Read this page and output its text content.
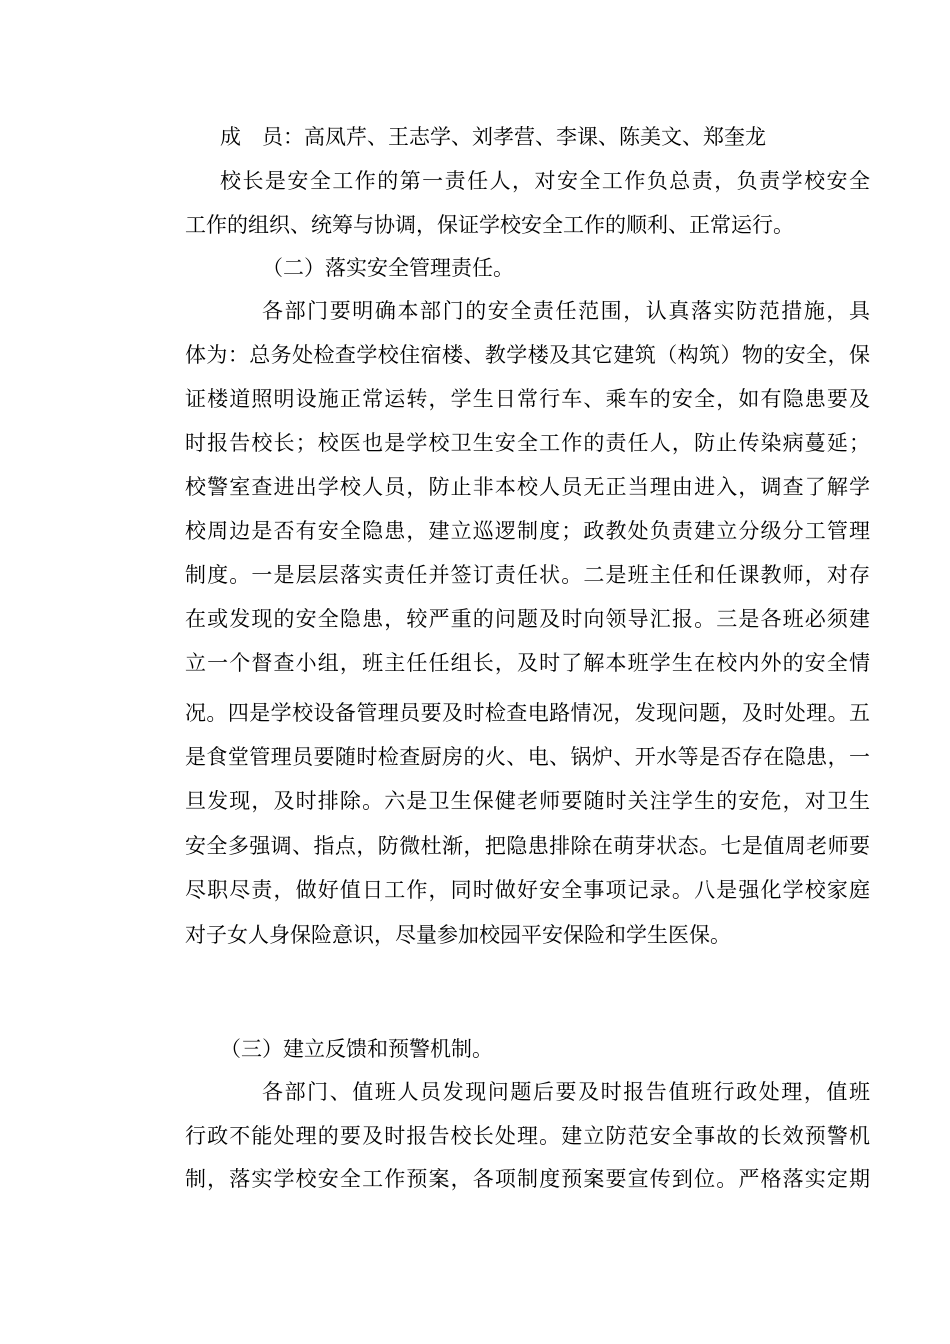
成　员：高凤芹、王志学、刘孝营、李课、陈美文、郑奎龙
校长是安全工作的第一责任人，对安全工作负总责，负责学校安全
工作的组织、统筹与协调，保证学校安全工作的顺利、正常运行。
（二）落实安全管理责任。
各部门要明确本部门的安全责任范围，认真落实防范措施，具
体为：总务处检查学校住宿楼、教学楼及其它建筑（构筑）物的安全，保
证楼道照明设施正常运转，学生日常行车、乘车的安全，如有隐患要及
时报告校长；校医也是学校卫生安全工作的责任人，防止传染病蔓延；
校警室查进出学校人员，防止非本校人员无正当理由进入，调查了解学
校周边是否有安全隐患，建立巡逻制度；政教处负责建立分级分工管理
制度。一是层层落实责任并签订责任状。二是班主任和任课教师，对存
在或发现的安全隐患，较严重的问题及时向领导汇报。三是各班必须建
立一个督查小组，班主任任组长，及时了解本班学生在校内外的安全情
况。四是学校设备管理员要及时检查电路情况，发现问题，及时处理。五
是食堂管理员要随时检查厨房的火、电、锅炉、开水等是否存在隐患，一
旦发现，及时排除。六是卫生保健老师要随时关注学生的安危，对卫生
安全多强调、指点，防微杜渐，把隐患排除在萌芽状态。七是值周老师要
尽职尽责，做好值日工作，同时做好安全事项记录。八是强化学校家庭
对子女人身保险意识，尽量参加校园平安保险和学生医保。
（三）建立反馈和预警机制。
各部门、值班人员发现问题后要及时报告值班行政处理，值班
行政不能处理的要及时报告校长处理。建立防范安全事故的长效预警机
制，落实学校安全工作预案，各项制度预案要宣传到位。严格落实定期
